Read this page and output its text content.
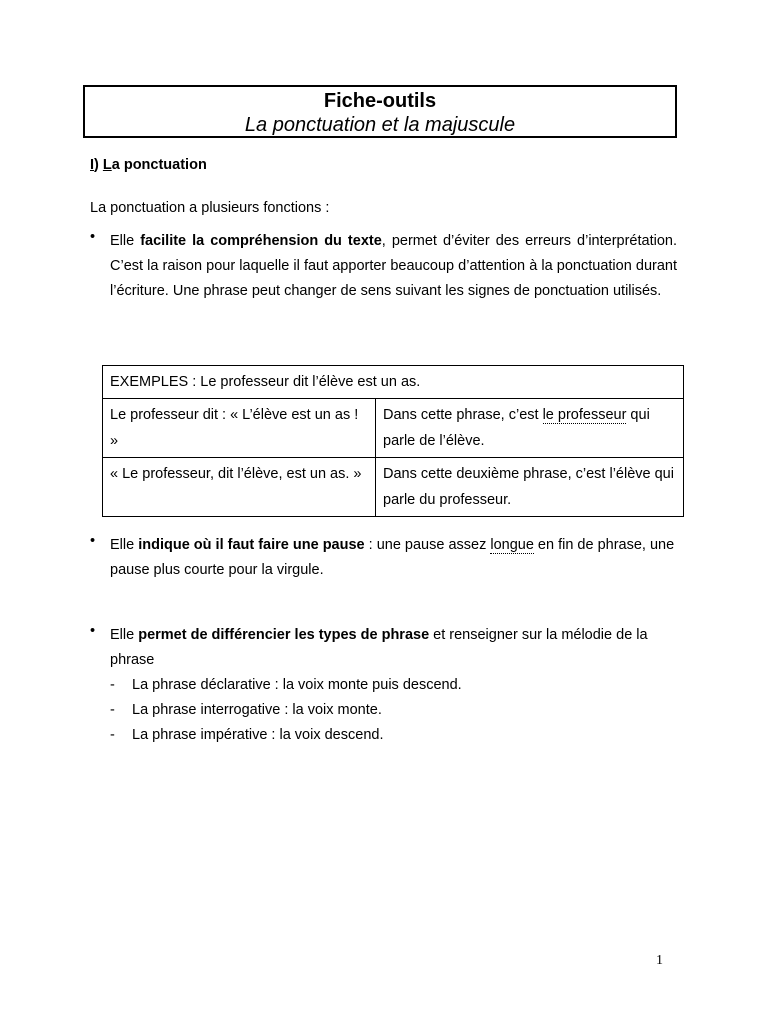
Fiche-outils
La ponctuation et la majuscule
I) La ponctuation
La ponctuation a plusieurs fonctions :
•	Elle facilite la compréhension du texte, permet d’éviter des erreurs d’interprétation. C’est la raison pour laquelle il faut apporter beaucoup d’attention à la ponctuation durant l’écriture. Une phrase peut changer de sens suivant les signes de ponctuation utilisés.
EXEMPLES : Le professeur dit l’élève est un as.	
Le professeur dit : « L’élève est un as ! »	Dans cette phrase, c’est le professeur qui parle de l’élève.
« Le professeur, dit l’élève, est un as. »	Dans cette deuxième phrase, c’est l’élève qui parle du professeur.
•	Elle indique où il faut faire une pause : une pause assez longue en fin de phrase, une pause plus courte pour la virgule.
•	Elle permet de différencier les types de phrase et renseigner sur la mélodie de la phrase
- La phrase déclarative : la voix monte puis descend.
- La phrase interrogative : la voix monte.
- La phrase impérative : la voix descend.
1
